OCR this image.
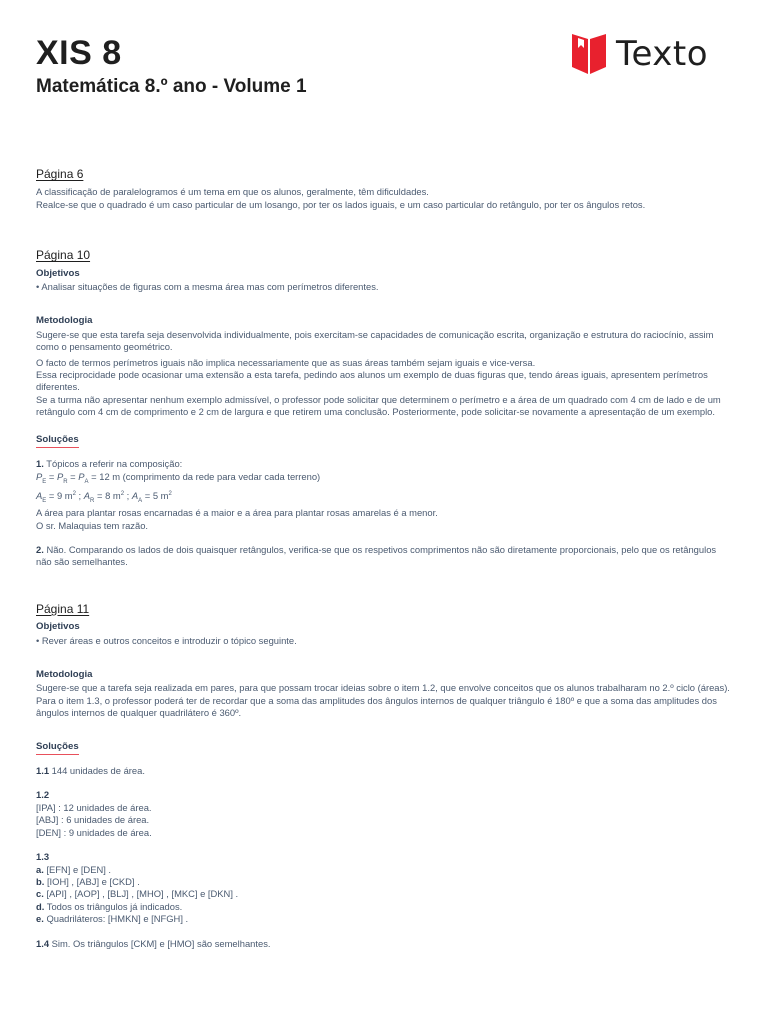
XIS 8
Matemática 8.º ano - Volume 1
Texto
Página 6
A classificação de paralelogramos é um tema em que os alunos, geralmente, têm dificuldades.
Realce-se que o quadrado é um caso particular de um losango, por ter os lados iguais, e um caso particular do retângulo, por ter os ângulos retos.
Página 10
Objetivos
• Analisar situações de figuras com a mesma área mas com perímetros diferentes.
Metodologia
Sugere-se que esta tarefa seja desenvolvida individualmente, pois exercitam-se capacidades de comunicação escrita, organização e estrutura do raciocínio, assim
como o pensamento geométrico.
O facto de termos perímetros iguais não implica necessariamente que as suas áreas também sejam iguais e vice-versa.
Essa reciprocidade pode ocasionar uma extensão a esta tarefa, pedindo aos alunos um exemplo de duas figuras que, tendo áreas iguais, apresentem perímetros
diferentes.
Se a turma não apresentar nenhum exemplo admissível, o professor pode solicitar que determinem o perímetro e a área de um quadrado com 4 cm de lado e de um
retângulo com 4 cm de comprimento e 2 cm de largura e que retirem uma conclusão. Posteriormente, pode solicitar-se novamente a apresentação de um exemplo.
Soluções
1. Tópicos a referir na composição:
$P_E = P_R = P_A = 12$ m (comprimento da rede para vedar cada terreno)
$A_E = 9$ $m^2$ ; $A_R = 8$ $m^2$ ; $A_A = 5$ $m^2$
A área para plantar rosas encarnadas é a maior e a área para plantar rosas amarelas é a menor.
O sr. Malaquias tem razão.
2. Não. Comparando os lados de dois quaisquer retângulos, verifica-se que os respetivos comprimentos não são diretamente proporcionais, pelo que os retângulos
não são semelhantes.
Página 11
Objetivos
• Rever áreas e outros conceitos e introduzir o tópico seguinte.
Metodologia
Sugere-se que a tarefa seja realizada em pares, para que possam trocar ideias sobre o item 1.2, que envolve conceitos que os alunos trabalharam no 2.º ciclo (áreas).
Para o item 1.3, o professor poderá ter de recordar que a soma das amplitudes dos ângulos internos de qualquer triângulo é 180º e que a soma das amplitudes dos
ângulos internos de qualquer quadrilátero é 360º.
Soluções
1.1 144 unidades de área.
1.2
[IPA] : 12 unidades de área.
[ABJ] : 6 unidades de área.
[DEN] : 9 unidades de área.
1.3
a. [EFN] e [DEN] .
b. [IOH] , [ABJ] e [CKD] .
c. [API] , [AOP] , [BLJ] , [MHO] , [MKC] e [DKN] .
d. Todos os triângulos já indicados.
e. Quadriláteros: [HMKN] e [NFGH] .
1.4 Sim. Os triângulos [CKM] e [HMO] são semelhantes.
